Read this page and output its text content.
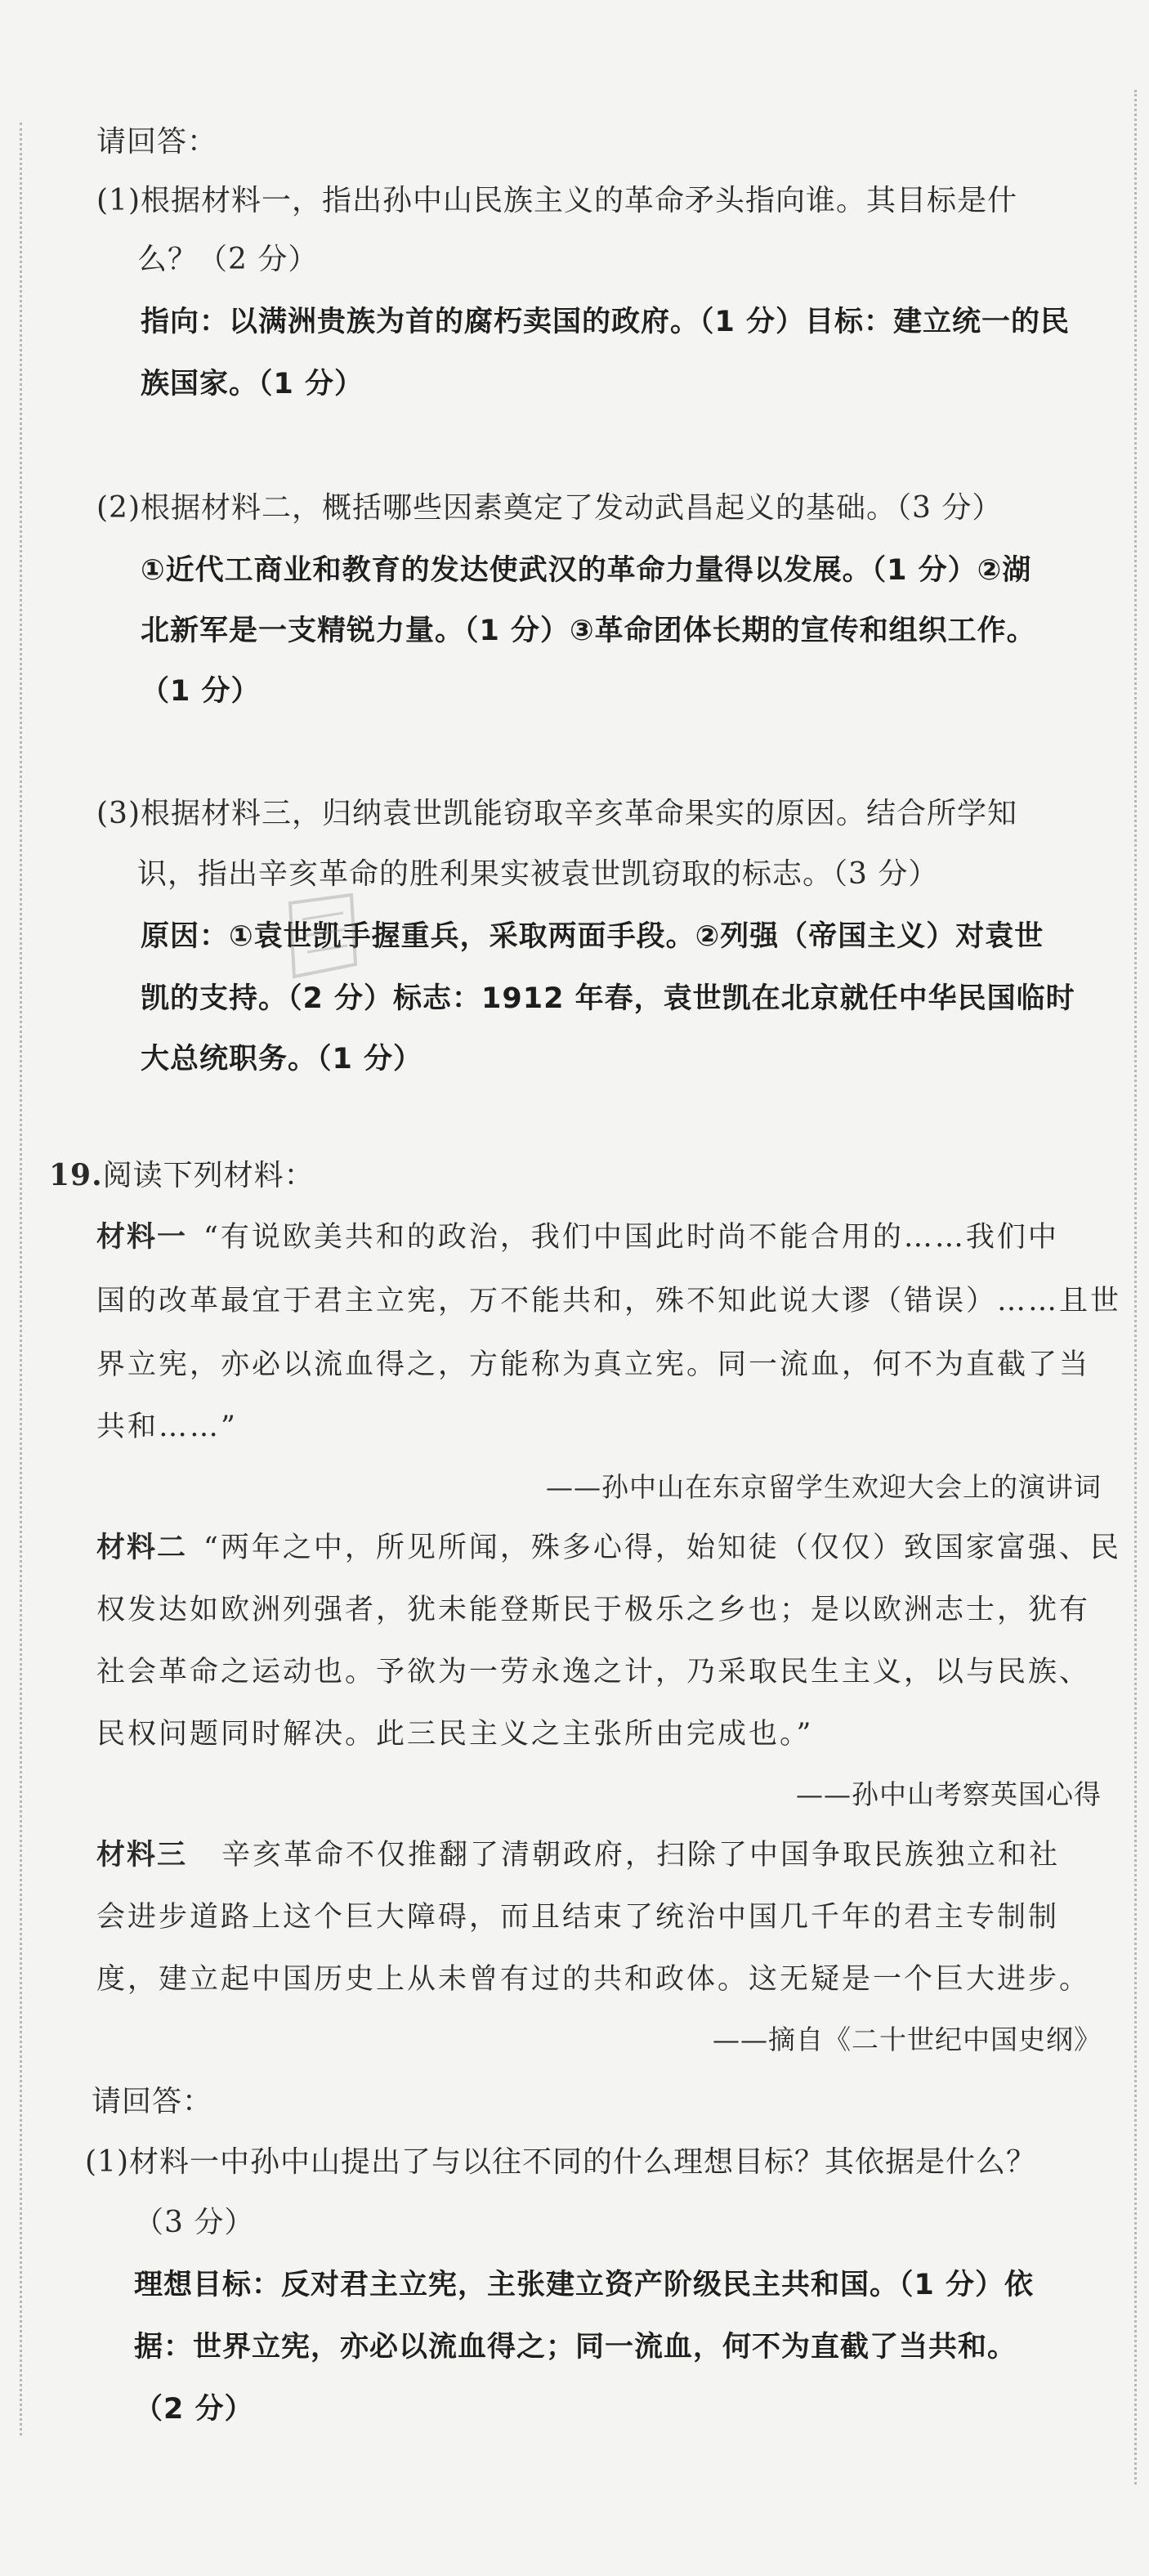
请回答：
(1)根据材料一，指出孙中山民族主义的革命矛头指向谁。其目标是什
么？（2 分）
指向：以满洲贵族为首的腐朽卖国的政府。（1 分）目标：建立统一的民
族国家。（1 分）
(2)根据材料二，概括哪些因素奠定了发动武昌起义的基础。（3 分）
①近代工商业和教育的发达使武汉的革命力量得以发展。（1 分）②湖
北新军是一支精锐力量。（1 分）③革命团体长期的宣传和组织工作。
（1 分）
(3)根据材料三，归纳袁世凯能窃取辛亥革命果实的原因。结合所学知
识，指出辛亥革命的胜利果实被袁世凯窃取的标志。（3 分）
原因：①袁世凯手握重兵，采取两面手段。②列强（帝国主义）对袁世
凯的支持。（2 分）标志：1912 年春，袁世凯在北京就任中华民国临时
大总统职务。（1 分）
19.阅读下列材料：
材料一 “有说欧美共和的政治，我们中国此时尚不能合用的……我们中
国的改革最宜于君主立宪，万不能共和，殊不知此说大谬（错误）……且世
界立宪，亦必以流血得之，方能称为真立宪。同一流血，何不为直截了当
共和……”
——孙中山在东京留学生欢迎大会上的演讲词
材料二 “两年之中，所见所闻，殊多心得，始知徒（仅仅）致国家富强、民
权发达如欧洲列强者，犹未能登斯民于极乐之乡也；是以欧洲志士，犹有
社会革命之运动也。予欲为一劳永逸之计，乃采取民生主义，以与民族、
民权问题同时解决。此三民主义之主张所由完成也。”
——孙中山考察英国心得
材料三 辛亥革命不仅推翻了清朝政府，扫除了中国争取民族独立和社
会进步道路上这个巨大障碍，而且结束了统治中国几千年的君主专制制
度，建立起中国历史上从未曾有过的共和政体。这无疑是一个巨大进步。
——摘自《二十世纪中国史纲》
请回答：
(1)材料一中孙中山提出了与以往不同的什么理想目标？其依据是什么？
（3 分）
理想目标：反对君主立宪，主张建立资产阶级民主共和国。（1 分）依
据：世界立宪，亦必以流血得之；同一流血，何不为直截了当共和。
（2 分）
